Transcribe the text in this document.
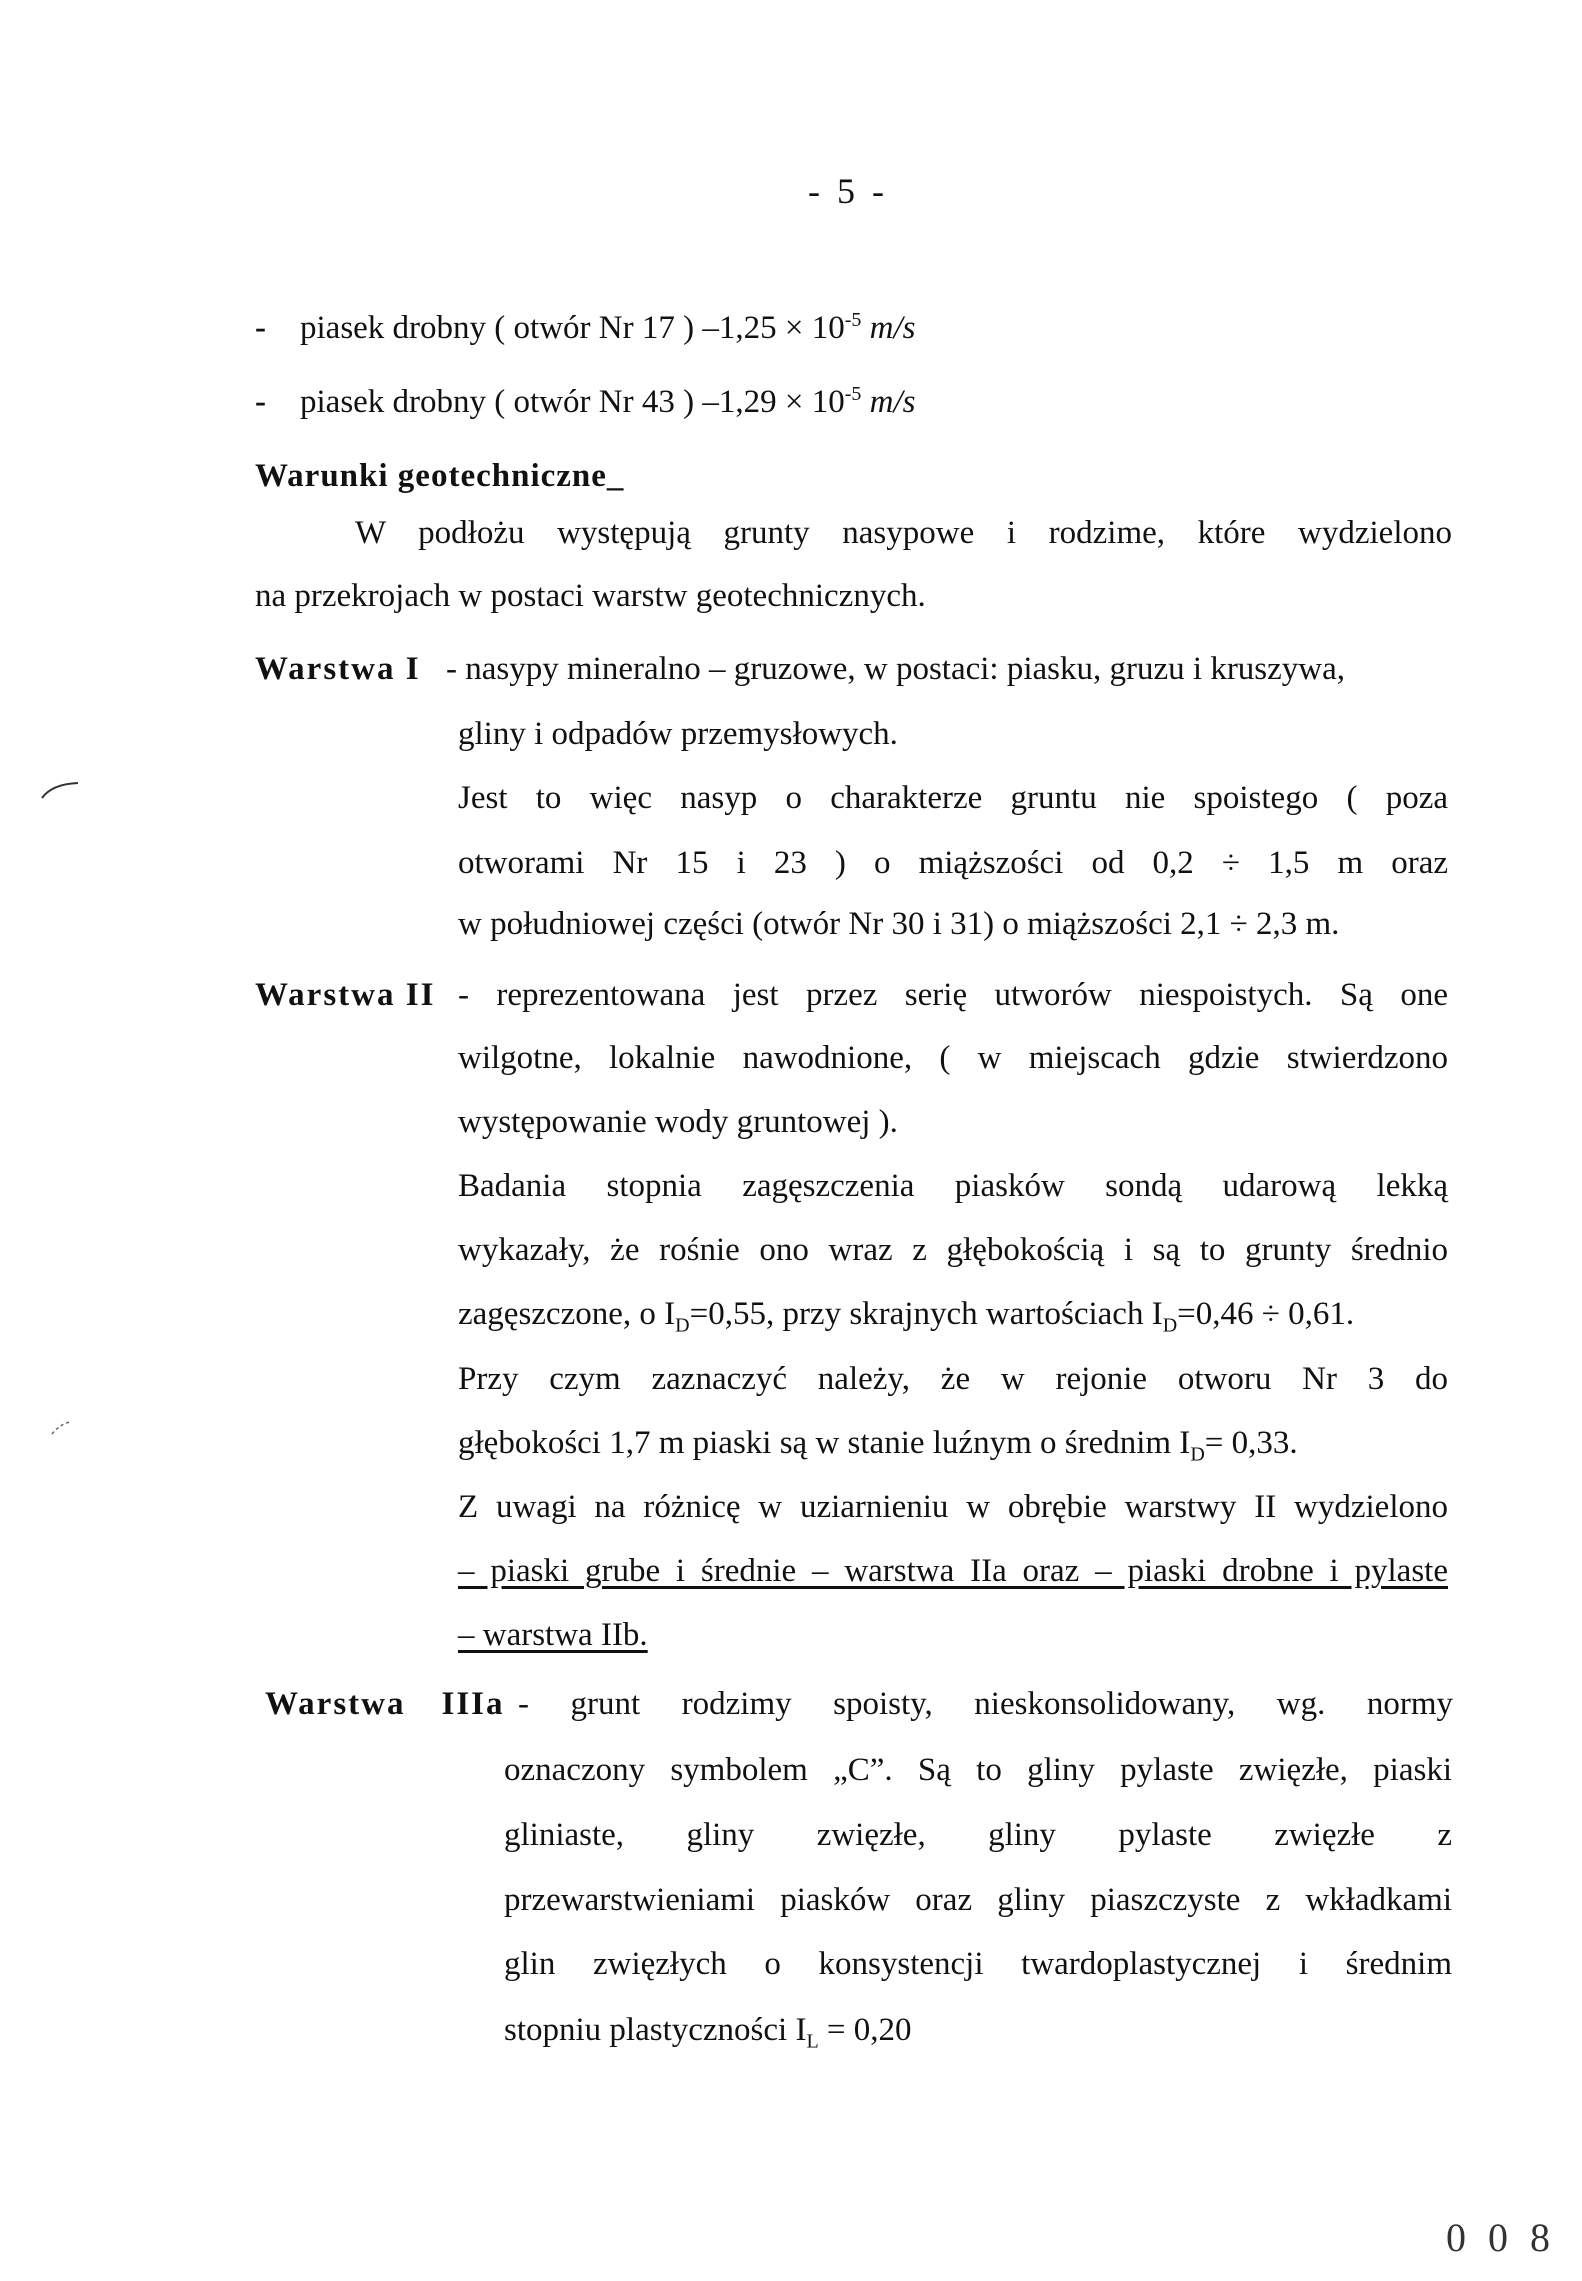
- 5 -
- piasek drobny ( otwór Nr 17 ) $-1,25 \times 10^{-5}$ m/s
- piasek drobny ( otwór Nr 43 ) $-1,29 \times 10^{-5}$ m/s
Warunki geotechniczne_
W podłożu występują grunty nasypowe i rodzime, które wydzielono
na przekrojach w postaci warstw geotechnicznych.
Warstwa I - nasypy mineralno – gruzowe, w postaci: piasku, gruzu i kruszywa,
gliny i odpadów przemysłowych.
Jest to więc nasyp o charakterze gruntu nie spoistego ( poza
otworami Nr 15 i 23 ) o miąższości od 0,2 ÷ 1,5 m oraz
w południowej części (otwór Nr 30 i 31) o miąższości 2,1 ÷ 2,3 m.
Warstwa II - reprezentowana jest przez serię utworów niespoistych. Są one
wilgotne, lokalnie nawodnione, ( w miejscach gdzie stwierdzono
występowanie wody gruntowej ).
Badania stopnia zagęszczenia piasków sondą udarową lekką
wykazały, że rośnie ono wraz z głębokością i są to grunty średnio
zagęszczone, o $I_D=0,55$, przy skrajnych wartościach $I_D=0,46 \div 0,61$.
Przy czym zaznaczyć należy, że w rejonie otworu Nr 3 do
głębokości 1,7 m piaski są w stanie luźnym o średnim $I_D= 0,33$.
Z uwagi na różnicę w uziarnieniu w obrębie warstwy II wydzielono
– piaski grube i średnie – warstwa IIa oraz – piaski drobne i pylaste
– warstwa IIb.
Warstwa IIIa - grunt rodzimy spoisty, nieskonsolidowany, wg. normy
oznaczony symbolem „C”. Są to gliny pylaste zwięzłe, piaski
gliniaste, gliny zwięzłe, gliny pylaste zwięzłe z
przewarstwieniami piasków oraz gliny piaszczyste z wkładkami
glin zwięzłych o konsystencji twardoplastycznej i średnim
stopniu plastyczności $I_L = 0,20$
0 0 8
